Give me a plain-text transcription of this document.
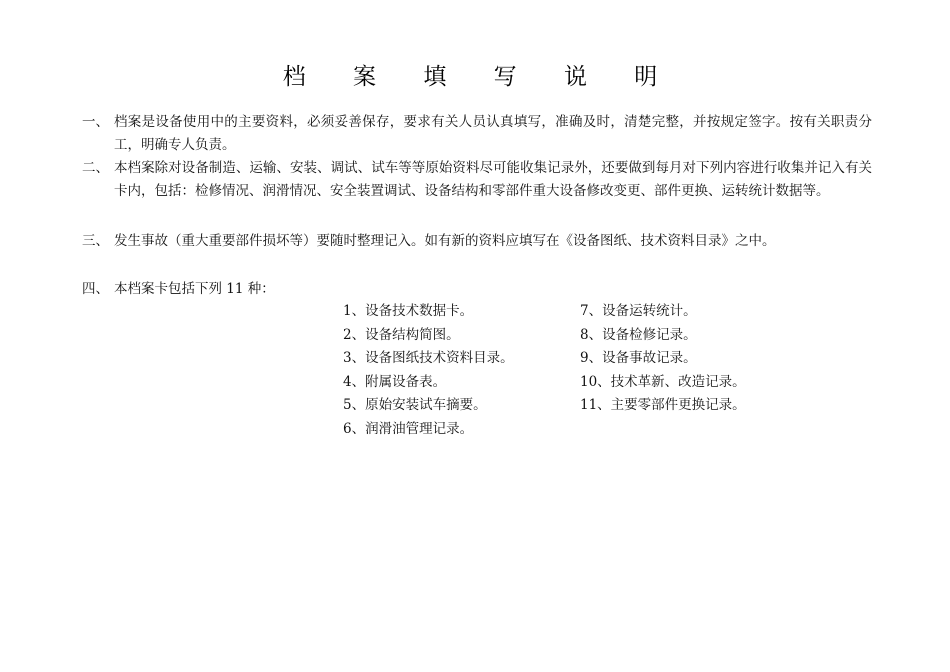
档 案 填 写 说 明
一、 档案是设备使用中的主要资料，必须妥善保存，要求有关人员认真填写，准确及时，清楚完整，并按规定签字。按有关职责分工，明确专人负责。
二、 本档案除对设备制造、运输、安装、调试、试车等等原始资料尽可能收集记录外，还要做到每月对下列内容进行收集并记入有关卡内，包括：检修情况、润滑情况、安全装置调试、设备结构和零部件重大设备修改变更、部件更换、运转统计数据等。
三、 发生事故（重大重要部件损坏等）要随时整理记入。如有新的资料应填写在《设备图纸、技术资料目录》之中。
四、 本档案卡包括下列 11 种：
1、设备技术数据卡。
2、设备结构简图。
3、设备图纸技术资料目录。
4、附属设备表。
5、原始安装试车摘要。
6、润滑油管理记录。
7、设备运转统计。
8、设备检修记录。
9、设备事故记录。
10、技术革新、改造记录。
11、主要零部件更换记录。
